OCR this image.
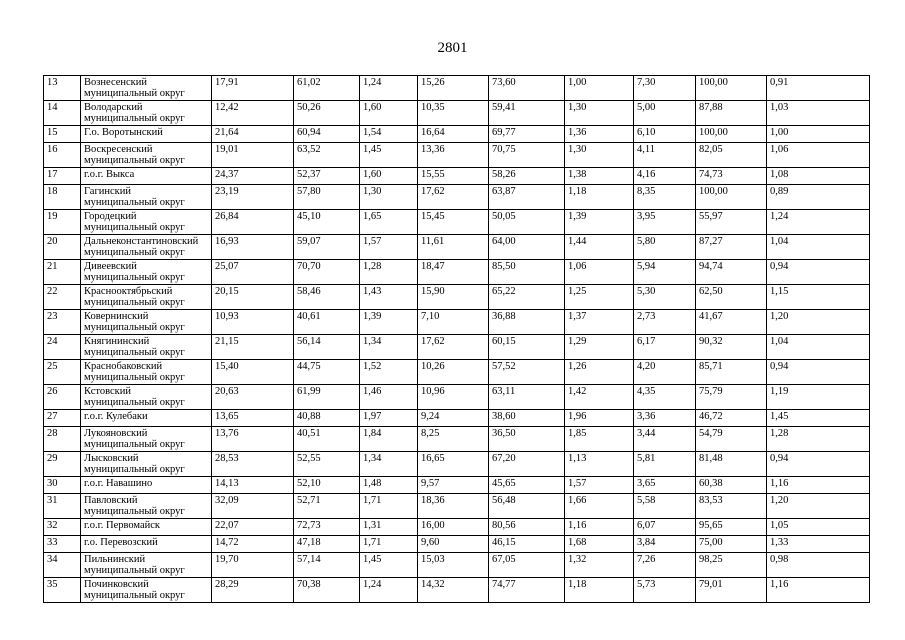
2801
13	Вознесенский
муниципальный округ	17,91	61,02	1,24	15,26	73,60	1,00	7,30	100,00	0,91
14	Володарский
муниципальный округ	12,42	50,26	1,60	10,35	59,41	1,30	5,00	87,88	1,03
15	Г.о. Воротынский	21,64	60,94	1,54	16,64	69,77	1,36	6,10	100,00	1,00
16	Воскресенский
муниципальный округ	19,01	63,52	1,45	13,36	70,75	1,30	4,11	82,05	1,06
17	г.о.г. Выкса	24,37	52,37	1,60	15,55	58,26	1,38	4,16	74,73	1,08
18	Гагинский
муниципальный округ	23,19	57,80	1,30	17,62	63,87	1,18	8,35	100,00	0,89
19	Городецкий
муниципальный округ	26,84	45,10	1,65	15,45	50,05	1,39	3,95	55,97	1,24
20	Дальнеконстантиновский
муниципальный округ	16,93	59,07	1,57	11,61	64,00	1,44	5,80	87,27	1,04
21	Дивеевский
муниципальный округ	25,07	70,70	1,28	18,47	85,50	1,06	5,94	94,74	0,94
22	Краснооктябрьский
муниципальный округ	20,15	58,46	1,43	15,90	65,22	1,25	5,30	62,50	1,15
23	Ковернинский
муниципальный округ	10,93	40,61	1,39	7,10	36,88	1,37	2,73	41,67	1,20
24	Княгининский
муниципальный округ	21,15	56,14	1,34	17,62	60,15	1,29	6,17	90,32	1,04
25	Краснобаковский
муниципальный округ	15,40	44,75	1,52	10,26	57,52	1,26	4,20	85,71	0,94
26	Кстовский
муниципальный округ	20,63	61,99	1,46	10,96	63,11	1,42	4,35	75,79	1,19
27	г.о.г. Кулебаки	13,65	40,88	1,97	9,24	38,60	1,96	3,36	46,72	1,45
28	Лукояновский
муниципальный округ	13,76	40,51	1,84	8,25	36,50	1,85	3,44	54,79	1,28
29	Лысковский
муниципальный округ	28,53	52,55	1,34	16,65	67,20	1,13	5,81	81,48	0,94
30	г.о.г. Навашино	14,13	52,10	1,48	9,57	45,65	1,57	3,65	60,38	1,16
31	Павловский
муниципальный округ	32,09	52,71	1,71	18,36	56,48	1,66	5,58	83,53	1,20
32	г.о.г. Первомайск	22,07	72,73	1,31	16,00	80,56	1,16	6,07	95,65	1,05
33	г.о. Перевозский	14,72	47,18	1,71	9,60	46,15	1,68	3,84	75,00	1,33
34	Пильнинский
муниципальный округ	19,70	57,14	1,45	15,03	67,05	1,32	7,26	98,25	0,98
35	Починковский
муниципальный округ	28,29	70,38	1,24	14,32	74,77	1,18	5,73	79,01	1,16
